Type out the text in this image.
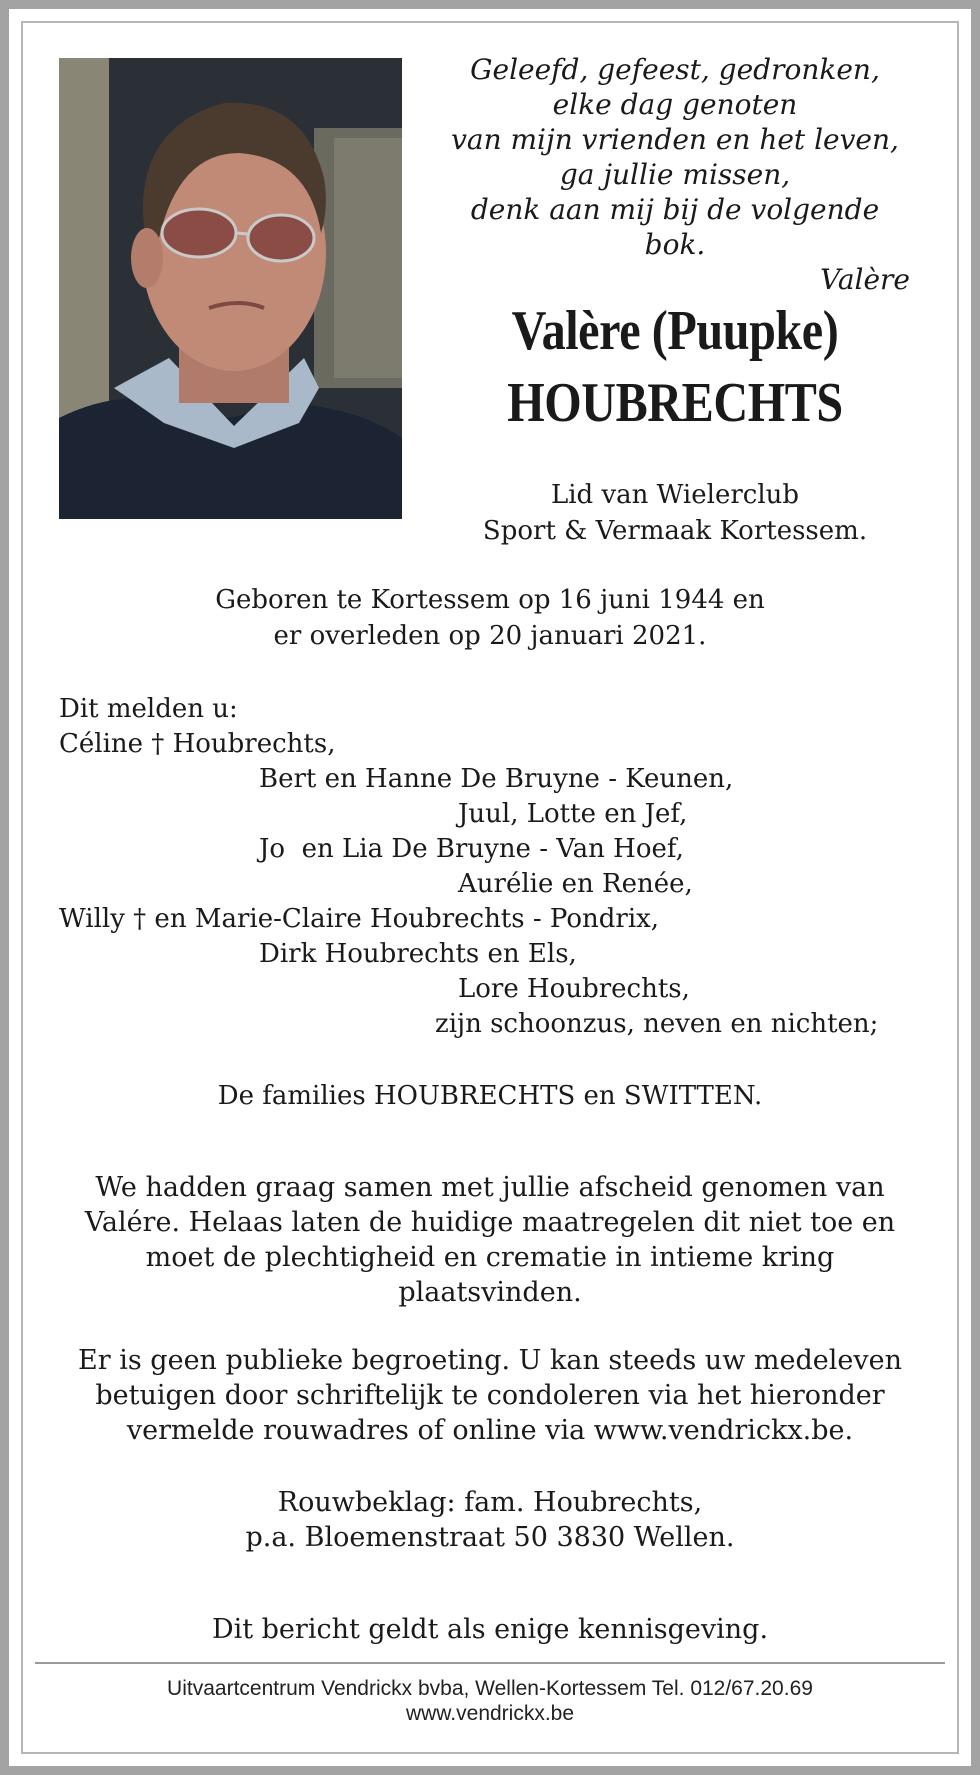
Geleefd, gefeest, gedronken,
elke dag genoten
van mijn vrienden en het leven,
ga jullie missen,
denk aan mij bij de volgende bok.
Valère
Valère (Puupke)
HOUBRECHTS
Lid van Wielerclub
Sport & Vermaak Kortessem.
Geboren te Kortessem op 16 juni 1944 en
er overleden op 20 januari 2021.
Dit melden u:
Céline † Houbrechts,
Bert en Hanne De Bruyne - Keunen,
Juul, Lotte en Jef,
Jo  en Lia De Bruyne - Van Hoef,
Aurélie en Renée,
Willy † en Marie-Claire Houbrechts - Pondrix,
Dirk Houbrechts en Els,
Lore Houbrechts,
zijn schoonzus, neven en nichten;
De families HOUBRECHTS en SWITTEN.
We hadden graag samen met jullie afscheid genomen van
Valére. Helaas laten de huidige maatregelen dit niet toe en
moet de plechtigheid en crematie in intieme kring
plaatsvinden.
Er is geen publieke begroeting. U kan steeds uw medeleven
betuigen door schriftelijk te condoleren via het hieronder
vermelde rouwadres of online via www.vendrickx.be.
Rouwbeklag: fam. Houbrechts,
p.a. Bloemenstraat 50 3830 Wellen.
Dit bericht geldt als enige kennisgeving.
Uitvaartcentrum Vendrickx bvba, Wellen-Kortessem Tel. 012/67.20.69
www.vendrickx.be
